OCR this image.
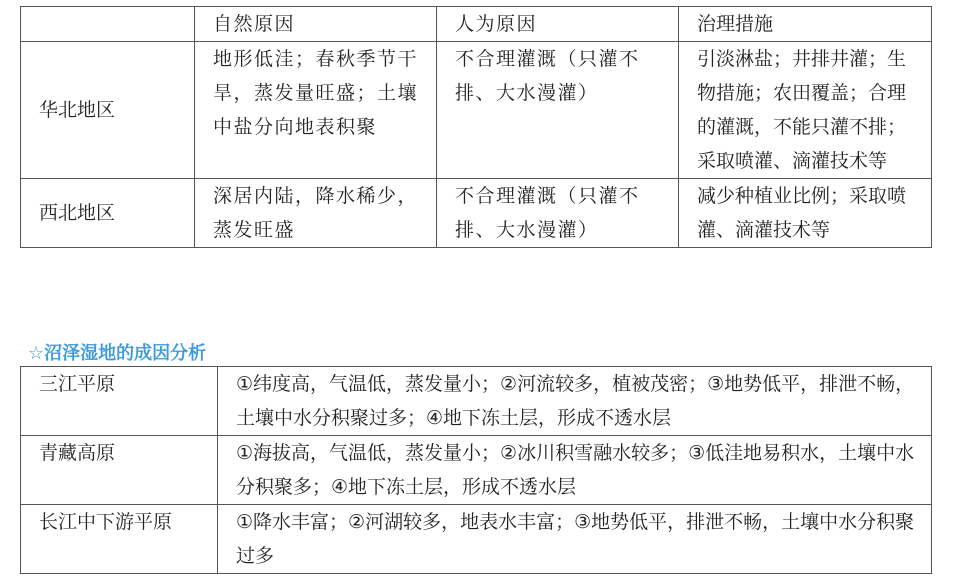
	自然原因	人为原因	治理措施
华北地区	地形低洼；春秋季节干旱，蒸发量旺盛；土壤中盐分向地表积聚	不合理灌溉（只灌不排、大水漫灌）	引淡淋盐；井排井灌；生物措施；农田覆盖；合理的灌溉，不能只灌不排；采取喷灌、滴灌技术等
西北地区	深居内陆，降水稀少，蒸发旺盛	不合理灌溉（只灌不排、大水漫灌）	减少种植业比例；采取喷灌、滴灌技术等
☆沼泽湿地的成因分析
三江平原	①纬度高，气温低，蒸发量小；②河流较多，植被茂密；③地势低平，排泄不畅，土壤中水分积聚过多；④地下冻土层，形成不透水层
青藏高原	①海拔高，气温低，蒸发量小；②冰川积雪融水较多；③低洼地易积水，土壤中水分积聚多；④地下冻土层，形成不透水层
长江中下游平原	①降水丰富；②河湖较多，地表水丰富；③地势低平，排泄不畅，土壤中水分积聚过多
